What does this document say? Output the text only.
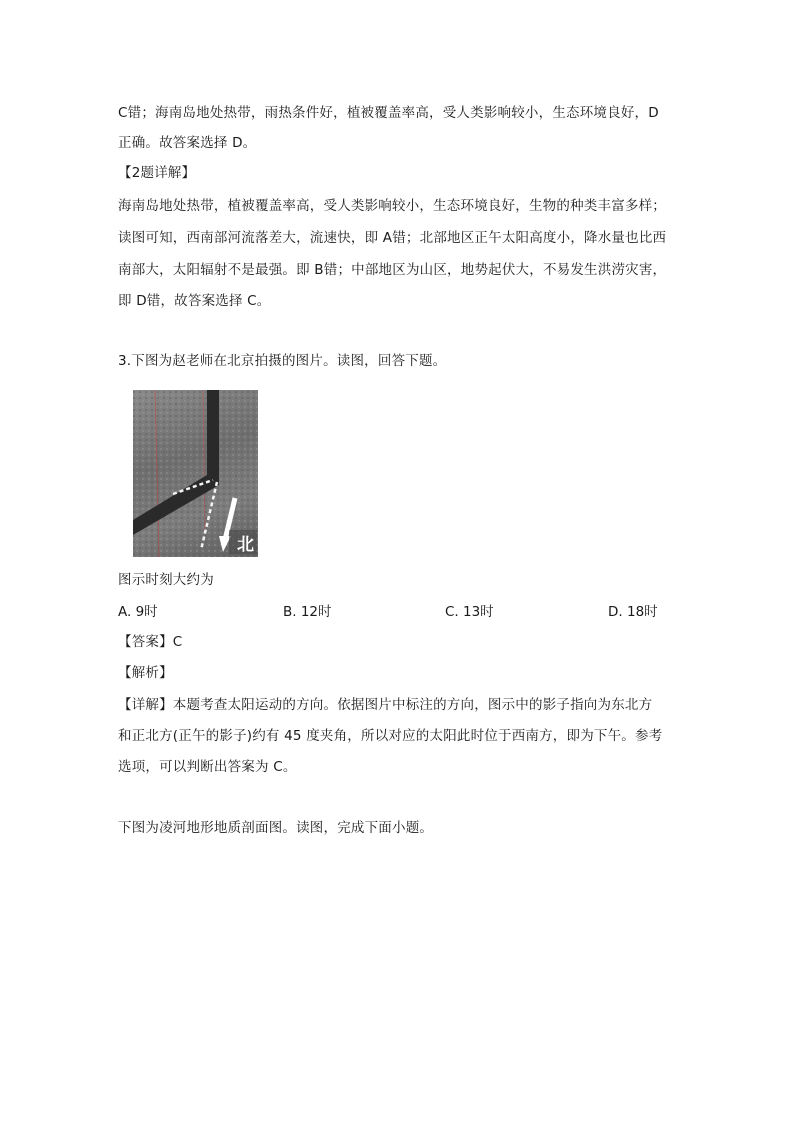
C错；海南岛地处热带，雨热条件好，植被覆盖率高，受人类影响较小，生态环境良好，D
正确。故答案选择 D。
【2题详解】
海南岛地处热带，植被覆盖率高，受人类影响较小，生态环境良好，生物的种类丰富多样；
读图可知，西南部河流落差大，流速快，即 A错；北部地区正午太阳高度小，降水量也比西
南部大，太阳辐射不是最强。即 B错；中部地区为山区，地势起伏大，不易发生洪涝灾害，
即 D错，故答案选择 C。
3.下图为赵老师在北京拍摄的图片。读图，回答下题。
北
图示时刻大约为
A. 9时	B. 12时	C. 13时	D. 18时
【答案】C
【解析】
【详解】本题考查太阳运动的方向。依据图片中标注的方向，图示中的影子指向为东北方
和正北方(正午的影子)约有 45 度夹角，所以对应的太阳此时位于西南方，即为下午。参考
选项，可以判断出答案为 C。
下图为凌河地形地质剖面图。读图，完成下面小题。
